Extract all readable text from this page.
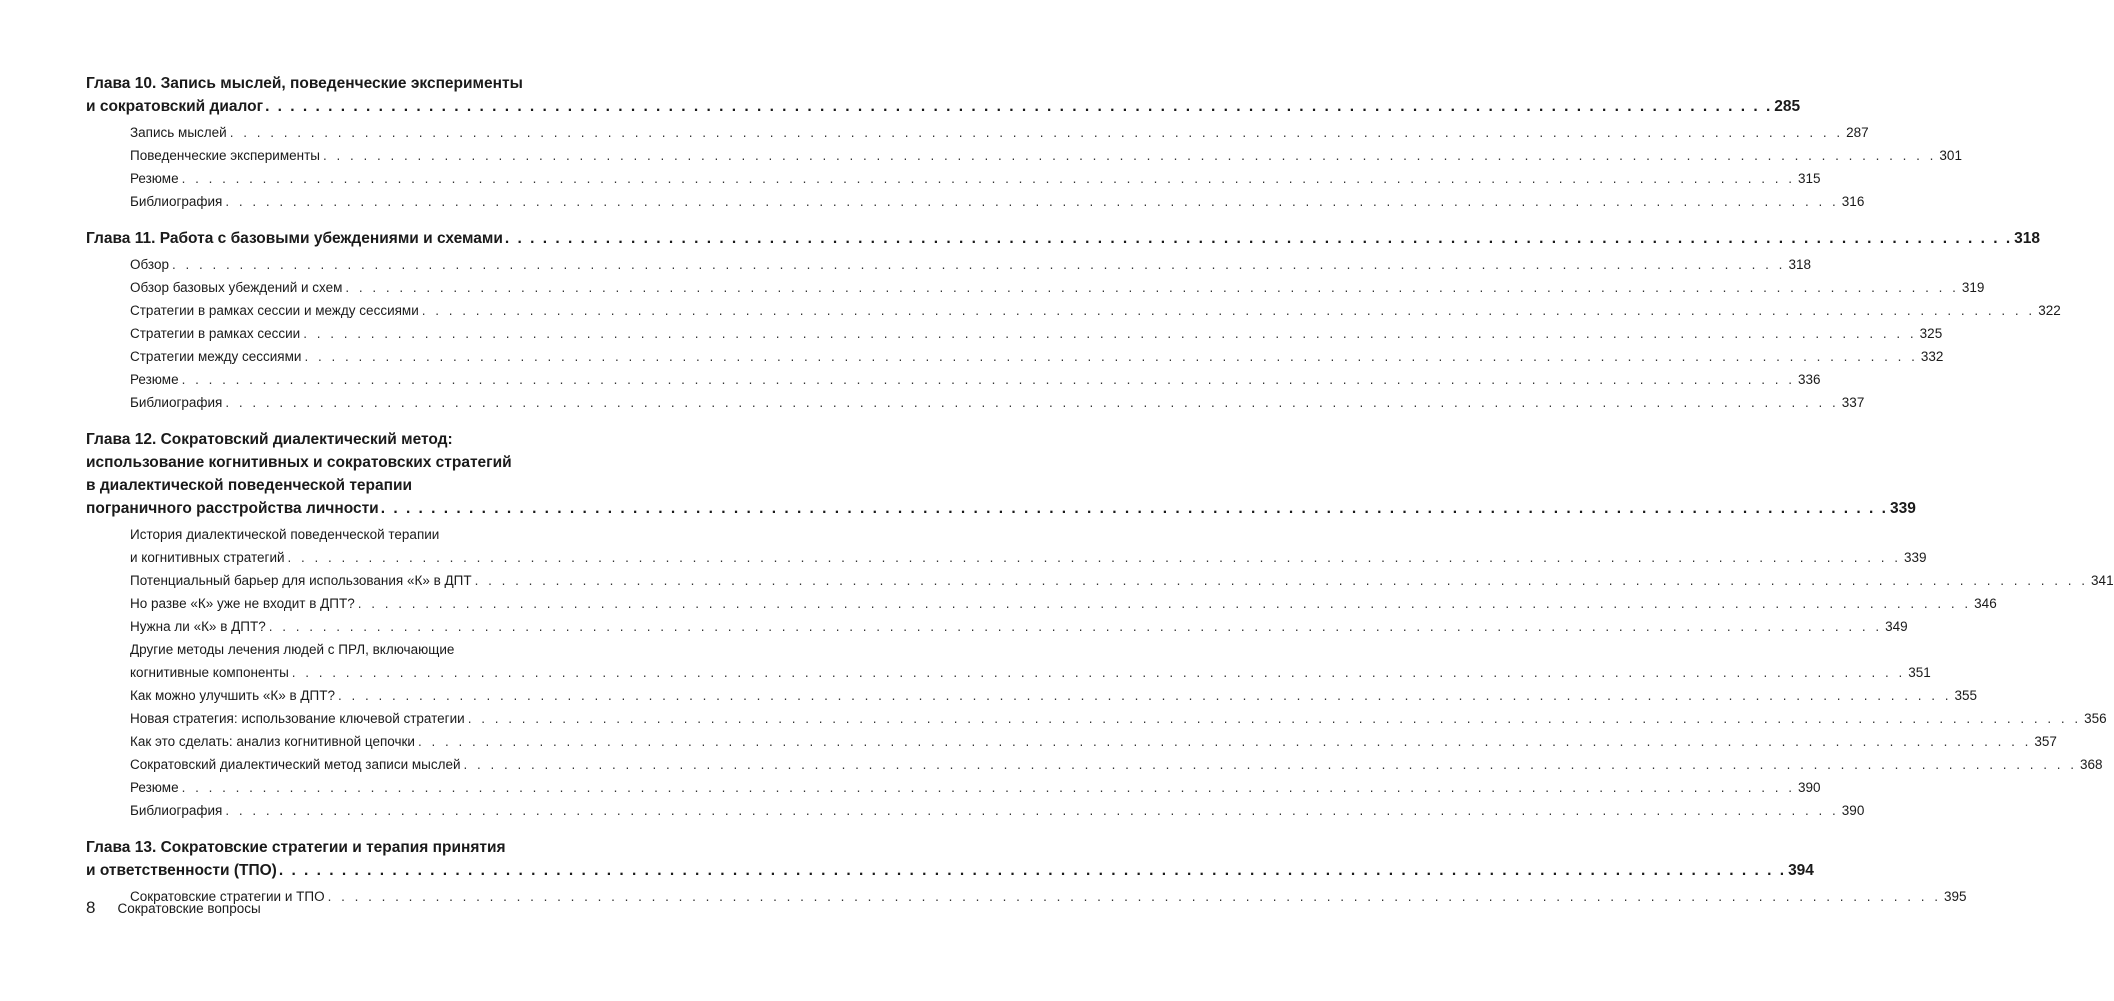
Глава 10. Запись мыслей, поведенческие эксперименты
и сократовский диалог . . . . . . . . . . . . . . . . . . . . . . . . . . . . . . . . . . . . . . . . . . . . . . . . . . . . . . . . . . . . . . . . . . . . . . . . . . . . . . . . . . . . . . . . . . . . . . . . . . . . . . . . . . . . . . . . . . . . . . . . 285
Запись мыслей . . . . . . . . . . . . . . . . . . . . . . . . . . . . . . . . . . . . . . . . . . . . . . . . . . . . . . . . . . . . . . . . . . . . . . . . . . . . . . . . . . . . . . . . . . . . . . . . . . . . . . . . . . . . . . . . . . . . . . . . 287
Поведенческие эксперименты . . . . . . . . . . . . . . . . . . . . . . . . . . . . . . . . . . . . . . . . . . . . . . . . . . . . . . . . . . . . . . . . . . . . . . . . . . . . . . . . . . . . . . . . . . . . . . . . . . . . . . . . . . . . . . . . . . . . . . . . 301
Резюме . . . . . . . . . . . . . . . . . . . . . . . . . . . . . . . . . . . . . . . . . . . . . . . . . . . . . . . . . . . . . . . . . . . . . . . . . . . . . . . . . . . . . . . . . . . . . . . . . . . . . . . . . . . . . . . . . . . . . . . . 315
Библиография . . . . . . . . . . . . . . . . . . . . . . . . . . . . . . . . . . . . . . . . . . . . . . . . . . . . . . . . . . . . . . . . . . . . . . . . . . . . . . . . . . . . . . . . . . . . . . . . . . . . . . . . . . . . . . . . . . . . . . . . 316
Глава 11. Работа с базовыми убеждениями и схемами . . . . . . . . . . . . . . . . . . . . . . . . . . . . . . . . . . . . . . . . . . . . . . . . . . . . . . . . . . . . . . . . . . . . . . . . . . . . . . . . . . . . . . . . . . . . . . . . . . . . . . . . . . . . . . . . . . . . . . . . 318
Обзор . . . . . . . . . . . . . . . . . . . . . . . . . . . . . . . . . . . . . . . . . . . . . . . . . . . . . . . . . . . . . . . . . . . . . . . . . . . . . . . . . . . . . . . . . . . . . . . . . . . . . . . . . . . . . . . . . . . . . . . . 318
Обзор базовых убеждений и схем . . . . . . . . . . . . . . . . . . . . . . . . . . . . . . . . . . . . . . . . . . . . . . . . . . . . . . . . . . . . . . . . . . . . . . . . . . . . . . . . . . . . . . . . . . . . . . . . . . . . . . . . . . . . . . . . . . . . . . . . 319
Стратегии в рамках сессии и между сессиями . . . . . . . . . . . . . . . . . . . . . . . . . . . . . . . . . . . . . . . . . . . . . . . . . . . . . . . . . . . . . . . . . . . . . . . . . . . . . . . . . . . . . . . . . . . . . . . . . . . . . . . . . . . . . . . . . . . . . . . . 322
Стратегии в рамках сессии . . . . . . . . . . . . . . . . . . . . . . . . . . . . . . . . . . . . . . . . . . . . . . . . . . . . . . . . . . . . . . . . . . . . . . . . . . . . . . . . . . . . . . . . . . . . . . . . . . . . . . . . . . . . . . . . . . . . . . . . 325
Стратегии между сессиями . . . . . . . . . . . . . . . . . . . . . . . . . . . . . . . . . . . . . . . . . . . . . . . . . . . . . . . . . . . . . . . . . . . . . . . . . . . . . . . . . . . . . . . . . . . . . . . . . . . . . . . . . . . . . . . . . . . . . . . . 332
Резюме . . . . . . . . . . . . . . . . . . . . . . . . . . . . . . . . . . . . . . . . . . . . . . . . . . . . . . . . . . . . . . . . . . . . . . . . . . . . . . . . . . . . . . . . . . . . . . . . . . . . . . . . . . . . . . . . . . . . . . . . 336
Библиография . . . . . . . . . . . . . . . . . . . . . . . . . . . . . . . . . . . . . . . . . . . . . . . . . . . . . . . . . . . . . . . . . . . . . . . . . . . . . . . . . . . . . . . . . . . . . . . . . . . . . . . . . . . . . . . . . . . . . . . . 337
Глава 12. Сократовский диалектический метод:
использование когнитивных и сократовских стратегий
в диалектической поведенческой терапии
пограничного расстройства личности . . . . . . . . . . . . . . . . . . . . . . . . . . . . . . . . . . . . . . . . . . . . . . . . . . . . . . . . . . . . . . . . . . . . . . . . . . . . . . . . . . . . . . . . . . . . . . . . . . . . . . . . . . . . . . . . . . . . . . . . 339
История диалектической поведенческой терапии
и когнитивных стратегий . . . . . . . . . . . . . . . . . . . . . . . . . . . . . . . . . . . . . . . . . . . . . . . . . . . . . . . . . . . . . . . . . . . . . . . . . . . . . . . . . . . . . . . . . . . . . . . . . . . . . . . . . . . . . . . . . . . . . . . . 339
Потенциальный барьер для использования «К» в ДПТ . . . . . . . . . . . . . . . . . . . . . . . . . . . . . . . . . . . . . . . . . . . . . . . . . . . . . . . . . . . . . . . . . . . . . . . . . . . . . . . . . . . . . . . . . . . . . . . . . . . . . . . . . . . . . . . . . . . . . . . . 341
Но разве «К» уже не входит в ДПТ? . . . . . . . . . . . . . . . . . . . . . . . . . . . . . . . . . . . . . . . . . . . . . . . . . . . . . . . . . . . . . . . . . . . . . . . . . . . . . . . . . . . . . . . . . . . . . . . . . . . . . . . . . . . . . . . . . . . . . . . . 346
Нужна ли «К» в ДПТ? . . . . . . . . . . . . . . . . . . . . . . . . . . . . . . . . . . . . . . . . . . . . . . . . . . . . . . . . . . . . . . . . . . . . . . . . . . . . . . . . . . . . . . . . . . . . . . . . . . . . . . . . . . . . . . . . . . . . . . . . 349
Другие методы лечения людей с ПРЛ, включающие
когнитивные компоненты . . . . . . . . . . . . . . . . . . . . . . . . . . . . . . . . . . . . . . . . . . . . . . . . . . . . . . . . . . . . . . . . . . . . . . . . . . . . . . . . . . . . . . . . . . . . . . . . . . . . . . . . . . . . . . . . . . . . . . . . 351
Как можно улучшить «К» в ДПТ? . . . . . . . . . . . . . . . . . . . . . . . . . . . . . . . . . . . . . . . . . . . . . . . . . . . . . . . . . . . . . . . . . . . . . . . . . . . . . . . . . . . . . . . . . . . . . . . . . . . . . . . . . . . . . . . . . . . . . . . . 355
Новая стратегия: использование ключевой стратегии . . . . . . . . . . . . . . . . . . . . . . . . . . . . . . . . . . . . . . . . . . . . . . . . . . . . . . . . . . . . . . . . . . . . . . . . . . . . . . . . . . . . . . . . . . . . . . . . . . . . . . . . . . . . . . . . . . . . . . . . 356
Как это сделать: анализ когнитивной цепочки . . . . . . . . . . . . . . . . . . . . . . . . . . . . . . . . . . . . . . . . . . . . . . . . . . . . . . . . . . . . . . . . . . . . . . . . . . . . . . . . . . . . . . . . . . . . . . . . . . . . . . . . . . . . . . . . . . . . . . . . 357
Сократовский диалектический метод записи мыслей . . . . . . . . . . . . . . . . . . . . . . . . . . . . . . . . . . . . . . . . . . . . . . . . . . . . . . . . . . . . . . . . . . . . . . . . . . . . . . . . . . . . . . . . . . . . . . . . . . . . . . . . . . . . . . . . . . . . . . . . 368
Резюме . . . . . . . . . . . . . . . . . . . . . . . . . . . . . . . . . . . . . . . . . . . . . . . . . . . . . . . . . . . . . . . . . . . . . . . . . . . . . . . . . . . . . . . . . . . . . . . . . . . . . . . . . . . . . . . . . . . . . . . . 390
Библиография . . . . . . . . . . . . . . . . . . . . . . . . . . . . . . . . . . . . . . . . . . . . . . . . . . . . . . . . . . . . . . . . . . . . . . . . . . . . . . . . . . . . . . . . . . . . . . . . . . . . . . . . . . . . . . . . . . . . . . . . 390
Глава 13. Сократовские стратегии и терапия принятия
и ответственности (ТПО) . . . . . . . . . . . . . . . . . . . . . . . . . . . . . . . . . . . . . . . . . . . . . . . . . . . . . . . . . . . . . . . . . . . . . . . . . . . . . . . . . . . . . . . . . . . . . . . . . . . . . . . . . . . . . . . . . . . . . . . . 394
Сократовские стратегии и ТПО . . . . . . . . . . . . . . . . . . . . . . . . . . . . . . . . . . . . . . . . . . . . . . . . . . . . . . . . . . . . . . . . . . . . . . . . . . . . . . . . . . . . . . . . . . . . . . . . . . . . . . . . . . . . . . . . . . . . . . . . 395
8 Сократовские вопросы
